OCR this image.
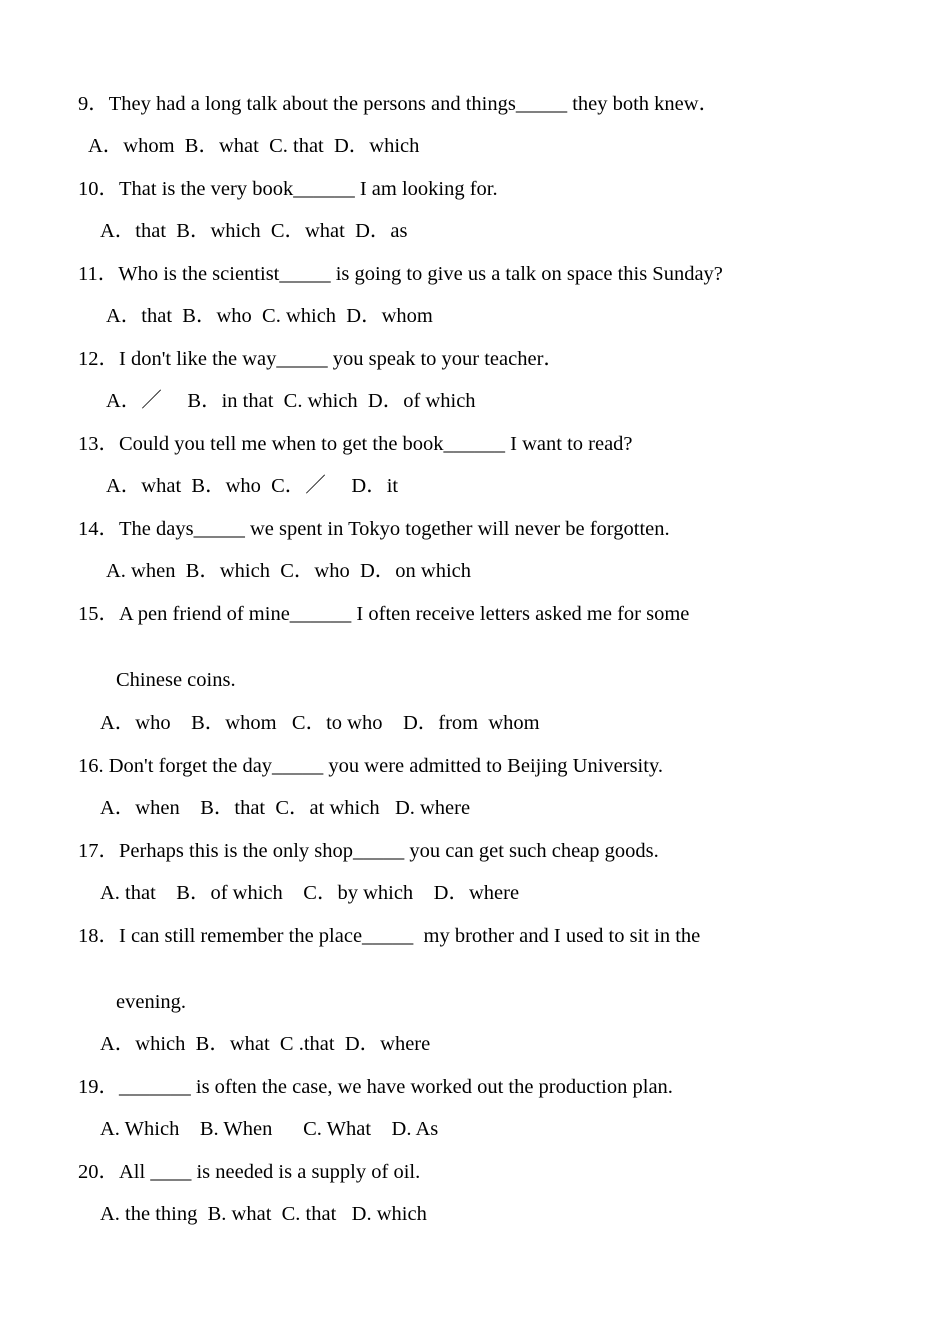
9．They had a long talk about the persons and things_____ they both knew．
A．whom  B．what  C. that  D．which
10．That is the very book______ I am looking for.
A．that  B．which  C．what  D．as
11．Who is the scientist_____ is going to give us a talk on space this Sunday?
A．that  B．who  C. which  D．whom
12．I don't like the way_____ you speak to your teacher．
A．／     B．in that  C. which  D．of which
13．Could you tell me when to get the book______ I want to read?
A．what  B．who  C．／     D．it
14．The days_____ we spent in Tokyo together will never be forgotten.
A. when  B．which  C．who  D．on which
15．A pen friend of mine______ I often receive letters asked me for some
Chinese coins.
A．who    B．whom   C．to who    D．from  whom
16. Don't forget the day_____ you were admitted to Beijing University.
A．when    B．that  C．at which   D. where
17．Perhaps this is the only shop_____ you can get such cheap goods.
A. that    B．of which    C．by which    D．where
18．I can still remember the place_____  my brother and I used to sit in the
evening.
A．which  B．what  C .that  D．where
19．_______ is often the case, we have worked out the production plan.
A. Which    B. When      C. What    D. As
20．All ____ is needed is a supply of oil.
A. the thing  B. what  C. that   D. which
